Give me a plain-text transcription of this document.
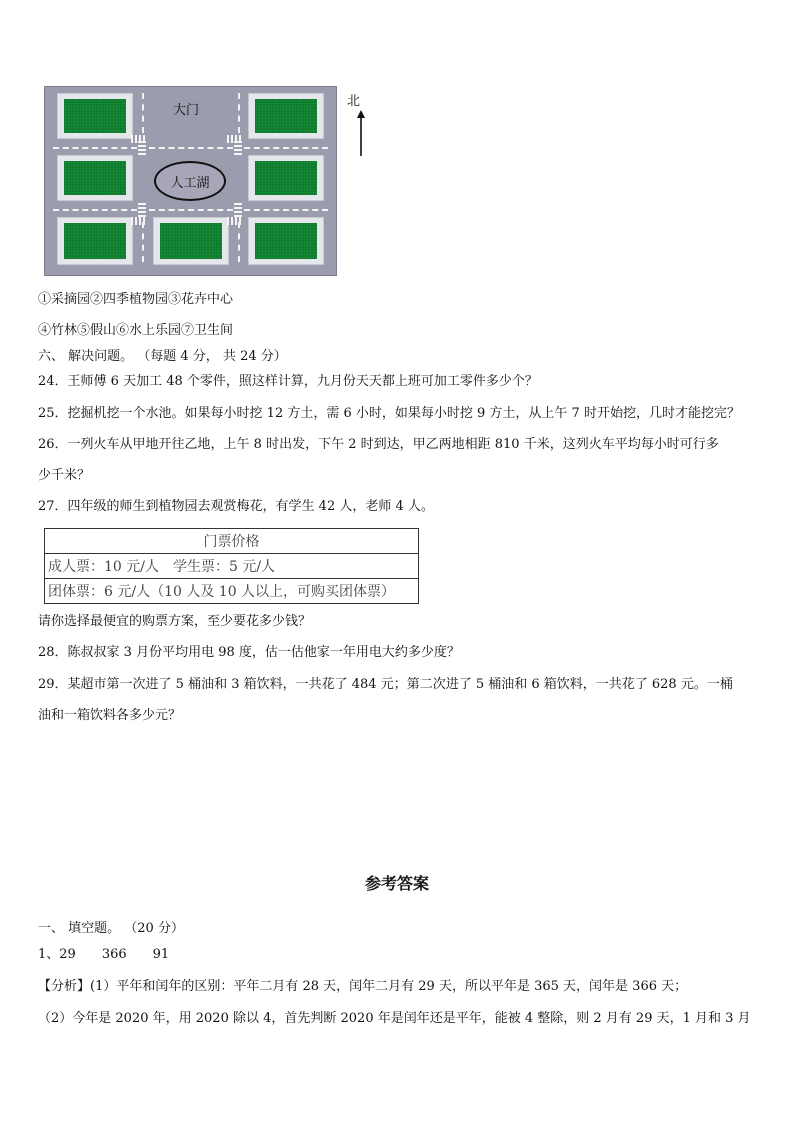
大门
人工湖
北
①采摘园②四季植物园③花卉中心
④竹林⑤假山⑥水上乐园⑦卫生间
六、 解决问题。 （每题 4 分， 共 24 分）
24．王师傅 6 天加工 48 个零件，照这样计算，九月份天天都上班可加工零件多少个？
25．挖掘机挖一个水池。如果每小时挖 12 方土，需 6 小时，如果每小时挖 9 方土，从上午 7 时开始挖，几时才能挖完？
26．一列火车从甲地开往乙地，上午 8 时出发，下午 2 时到达，甲乙两地相距 810 千米，这列火车平均每小时可行多
少千米？
27．四年级的师生到植物园去观赏梅花，有学生 42 人，老师 4 人。
门票价格
成人票：10 元/人　学生票：5 元/人
团体票：6 元/人（10 人及 10 人以上，可购买团体票）
请你选择最便宜的购票方案，至少要花多少钱？
28．陈叔叔家 3 月份平均用电 98 度，估一估他家一年用电大约多少度？
29．某超市第一次进了 5 桶油和 3 箱饮料，一共花了 484 元；第二次进了 5 桶油和 6 箱饮料，一共花了 628 元。一桶
油和一箱饮料各多少元？
参考答案
一、 填空题。 （20 分）
1、29　　366　　91
【分析】(1）平年和闰年的区别：平年二月有 28 天，闰年二月有 29 天，所以平年是 365 天，闰年是 366 天；
（2）今年是 2020 年，用 2020 除以 4，首先判断 2020 年是闰年还是平年，能被 4 整除，则 2 月有 29 天，1 月和 3 月
